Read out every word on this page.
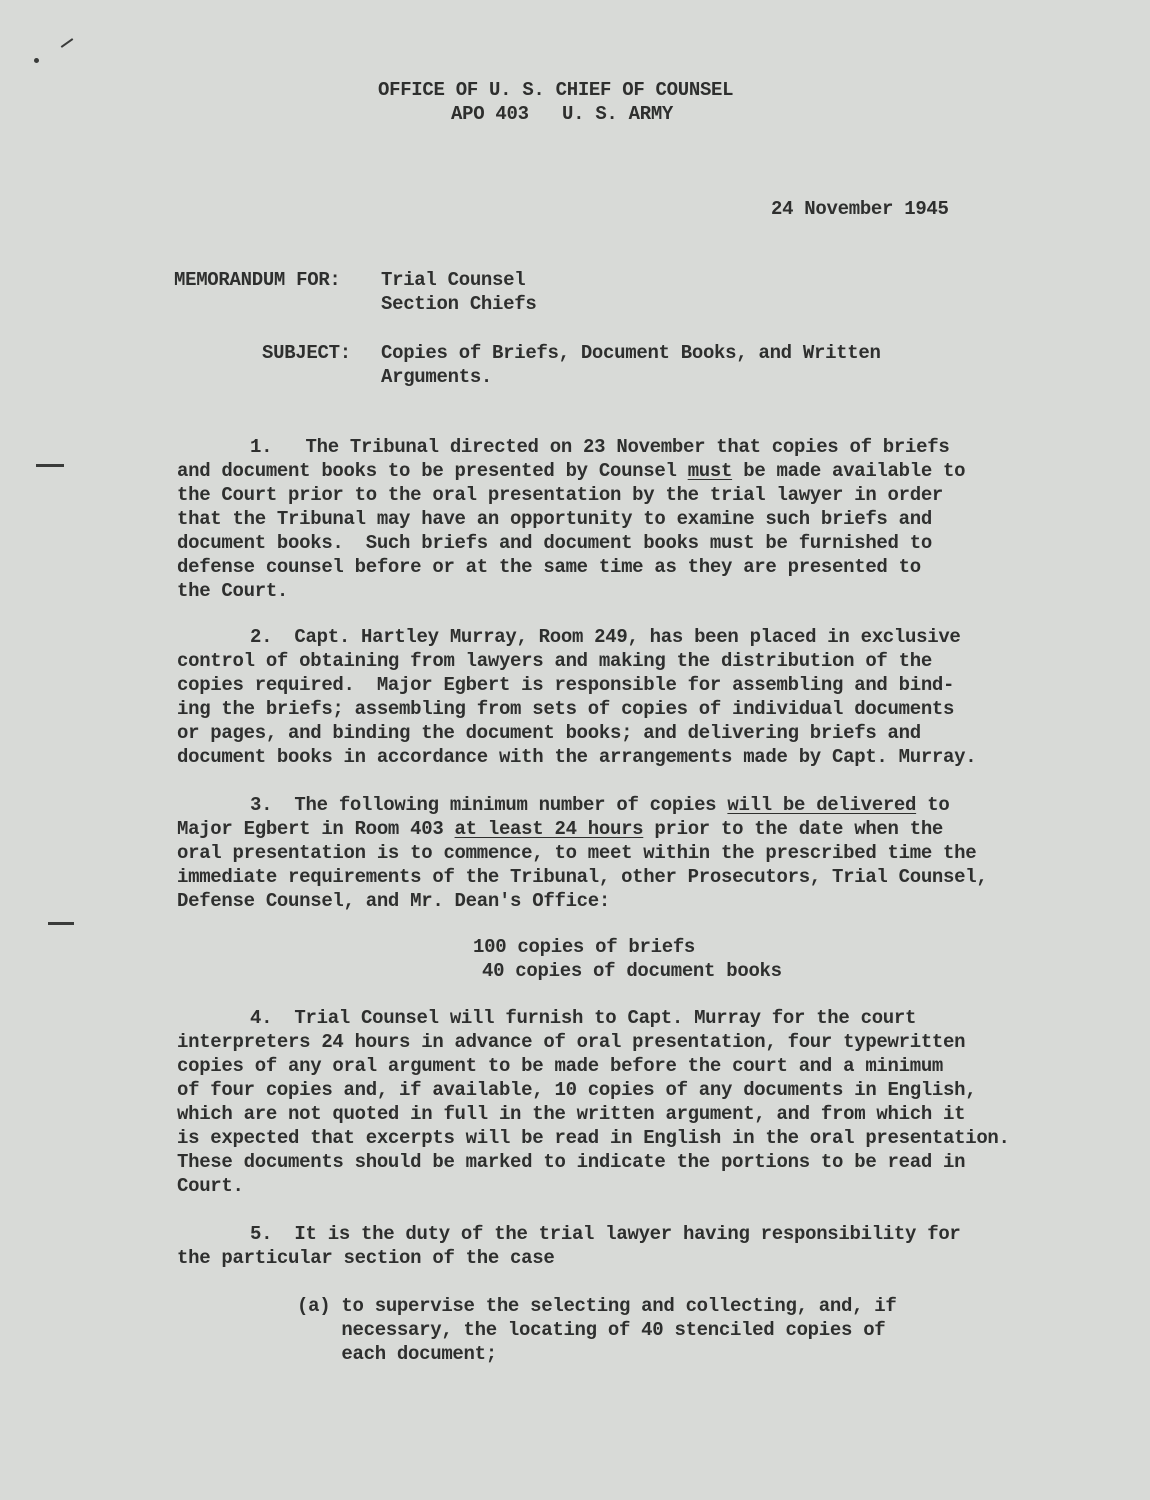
OFFICE OF U. S. CHIEF OF COUNSEL
APO 403   U. S. ARMY
24 November 1945
MEMORANDUM FOR: Trial Counsel
Section Chiefs
SUBJECT: Copies of Briefs, Document Books, and Written
Arguments.
1.   The Tribunal directed on 23 November that copies of briefs
and document books to be presented by Counsel must be made available to
the Court prior to the oral presentation by the trial lawyer in order
that the Tribunal may have an opportunity to examine such briefs and
document books.  Such briefs and document books must be furnished to
defense counsel before or at the same time as they are presented to
the Court.
2.  Capt. Hartley Murray, Room 249, has been placed in exclusive
control of obtaining from lawyers and making the distribution of the
copies required.  Major Egbert is responsible for assembling and bind-
ing the briefs; assembling from sets of copies of individual documents
or pages, and binding the document books; and delivering briefs and
document books in accordance with the arrangements made by Capt. Murray.
3.  The following minimum number of copies will be delivered to
Major Egbert in Room 403 at least 24 hours prior to the date when the
oral presentation is to commence, to meet within the prescribed time the
immediate requirements of the Tribunal, other Prosecutors, Trial Counsel,
Defense Counsel, and Mr. Dean's Office:
100 copies of briefs
40 copies of document books
4.  Trial Counsel will furnish to Capt. Murray for the court
interpreters 24 hours in advance of oral presentation, four typewritten
copies of any oral argument to be made before the court and a minimum
of four copies and, if available, 10 copies of any documents in English,
which are not quoted in full in the written argument, and from which it
is expected that excerpts will be read in English in the oral presentation.
These documents should be marked to indicate the portions to be read in
Court.
5.  It is the duty of the trial lawyer having responsibility for
the particular section of the case
(a) to supervise the selecting and collecting, and, if
necessary, the locating of 40 stenciled copies of
each document;
